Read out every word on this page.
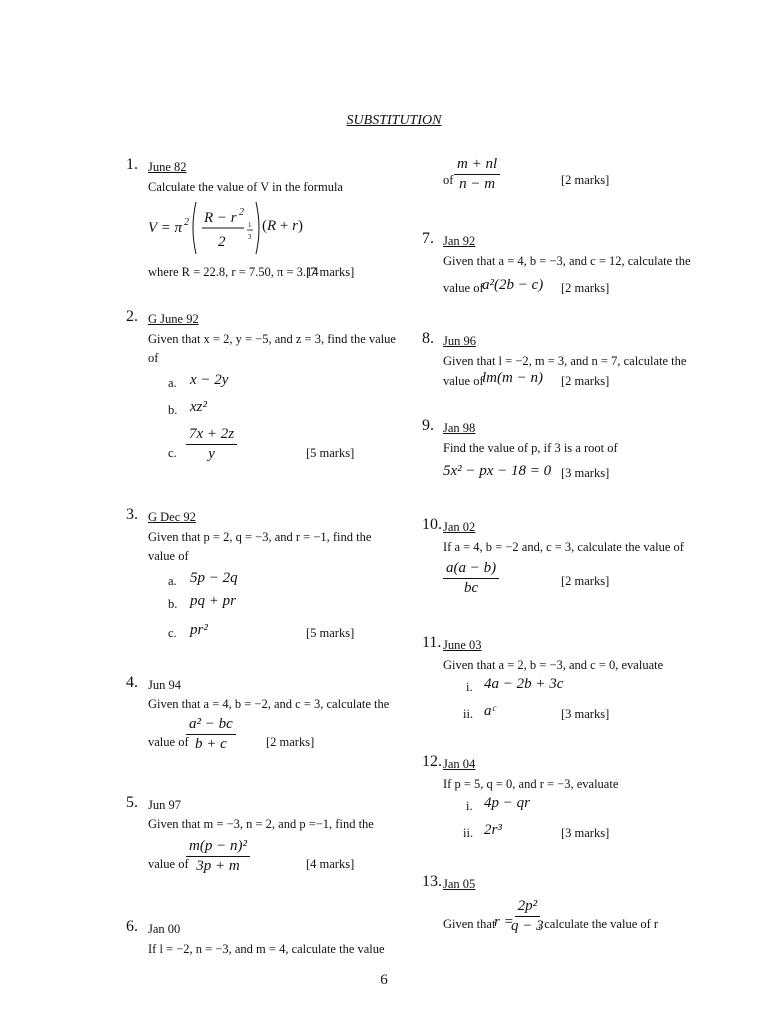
SUBSTITUTION
1. June 82
Calculate the value of V in the formula
V = π 2 R − r 2
2
1
3
(R + r)
where R = 22.8, r = 7.50, π = 3.14
[7 marks]
2. G June 92
Given that x = 2, y = −5, and z = 3, find the value
of
a. x − 2y
b. xz²
c. $\frac{7x + 2z}{y}$	[5 marks]
3. G Dec 92
Given that p = 2, q = −3, and r = −1, find the
value of
a. 5p − 2q
b. pq + pr
c. pr²	[5 marks]
4. Jun 94
Given that a = 4, b = −2, and c = 3, calculate the
value of
$\frac{\text{a² − bc}}{b + c} [2$ marks]
5. Jun 97
Given that m = −3, n = 2, and p =−1, find the
value of
$\frac{\text{m(p − n)²}}{3p + m}$	[4 marks]
6. Jan 00
If l = −2, n = −3, and m = 4, calculate the value
of $\frac{m + nl}{n - m}$	[2 marks]
7. Jan 92
Given that a = 4, b = −3, and c = 12, calculate the
value of
a²(2b − c) [2 marks]
8. Jun 96
Given that l = −2, m = 3, and n = 7, calculate the
value of
lm(m − n) [2 marks]
9. Jan 98
Find the value of p, if 3 is a root of
5x² − px − 18 = 0 [3 marks]
10. Jan 02
If a = 4, b = −2 and, c = 3, calculate the value of
$\frac{a(a - b)}{bc}$	[2 marks]
11. June 03
Given that a = 2, b = −3, and c = 0, evaluate
i. 4a − 2b + 3c
ii. aᶜ	[3 marks]
12. Jan 04
If p = 5, q = 0, and r = −3, evaluate
i. 4p − qr
ii. 2r³	[3 marks]
13. Jan 05
Given that
r =
$\frac{\text{2p²}}{q - 3}$
, calculate the value of r
6
